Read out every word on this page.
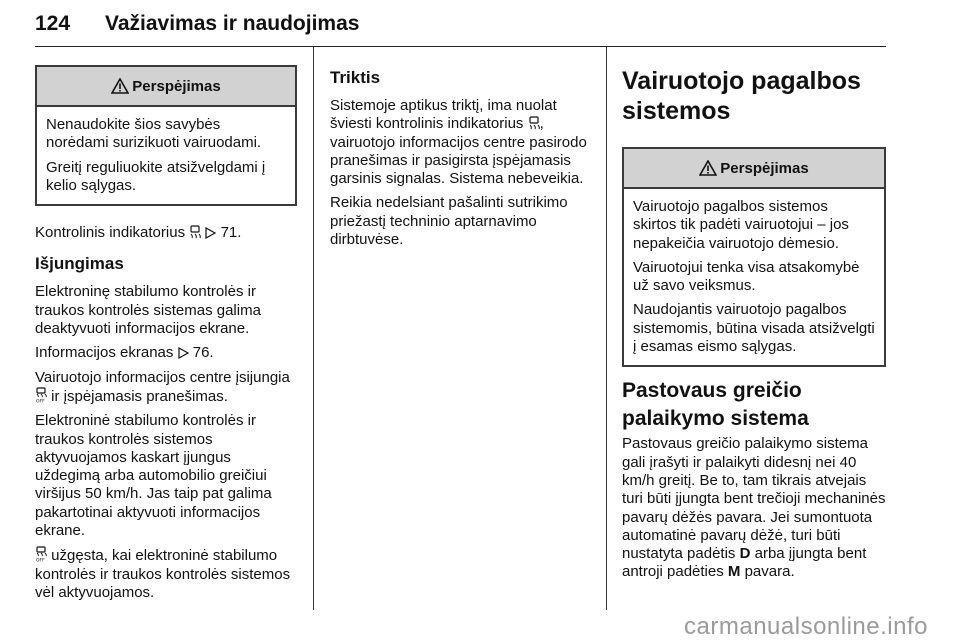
124 Važiavimas ir naudojimas
Perspėjimas

Nenaudokite šios savybės norėdami surizikuoti vairuodami.

Greitį reguliuokite atsižvelgdami į kelio sąlygas.

Kontrolinis indikatorius 71.

Išjungimas

Elektroninę stabilumo kontrolės ir traukos kontrolės sistemas galima deaktyvuoti informacijos ekrane.

Informacijos ekranas 76.

Vairuotojo informacijos centre įsijungia
OFF ir įspėjamasis pranešimas.

Elektroninė stabilumo kontrolės ir traukos kontrolės sistemos aktyvuojamos kaskart įjungus uždegimą arba automobilio greičiui viršijus 50 km/h. Jas taip pat galima pakartotinai aktyvuoti informacijos ekrane.

OFF užgęsta, kai elektroninė stabilumo kontrolės ir traukos kontrolės sistemos vėl aktyvuojamos.

Triktis

Sistemoje aptikus triktį, ima nuolat šviesti kontrolinis indikatorius , vairuotojo informacijos centre pasirodo pranešimas ir pasigirsta įspėjamasis garsinis signalas. Sistema nebeveikia.

Reikia nedelsiant pašalinti sutrikimo priežastį techninio aptarnavimo dirbtuvėse.

Vairuotojo pagalbos
sistemos
Perspėjimas

Vairuotojo pagalbos sistemos skirtos tik padėti vairuotojui – jos nepakeičia vairuotojo dėmesio.

Vairuotojui tenka visa atsakomybė už savo veiksmus.

Naudojantis vairuotojo pagalbos sistemomis, būtina visada atsižvelgti į esamas eismo sąlygas.

Pastovaus greičio
palaikymo sistema

Pastovaus greičio palaikymo sistema gali įrašyti ir palaikyti didesnį nei 40 km/h greitį. Be to, tam tikrais atvejais turi būti įjungta bent trečioji mechaninės pavarų dėžės pavara. Jei sumontuota automatinė pavarų dėžė, turi būti nustatyta padėtis D arba įjungta bent antroji padėties M pavara.

carmanualsonline.info
